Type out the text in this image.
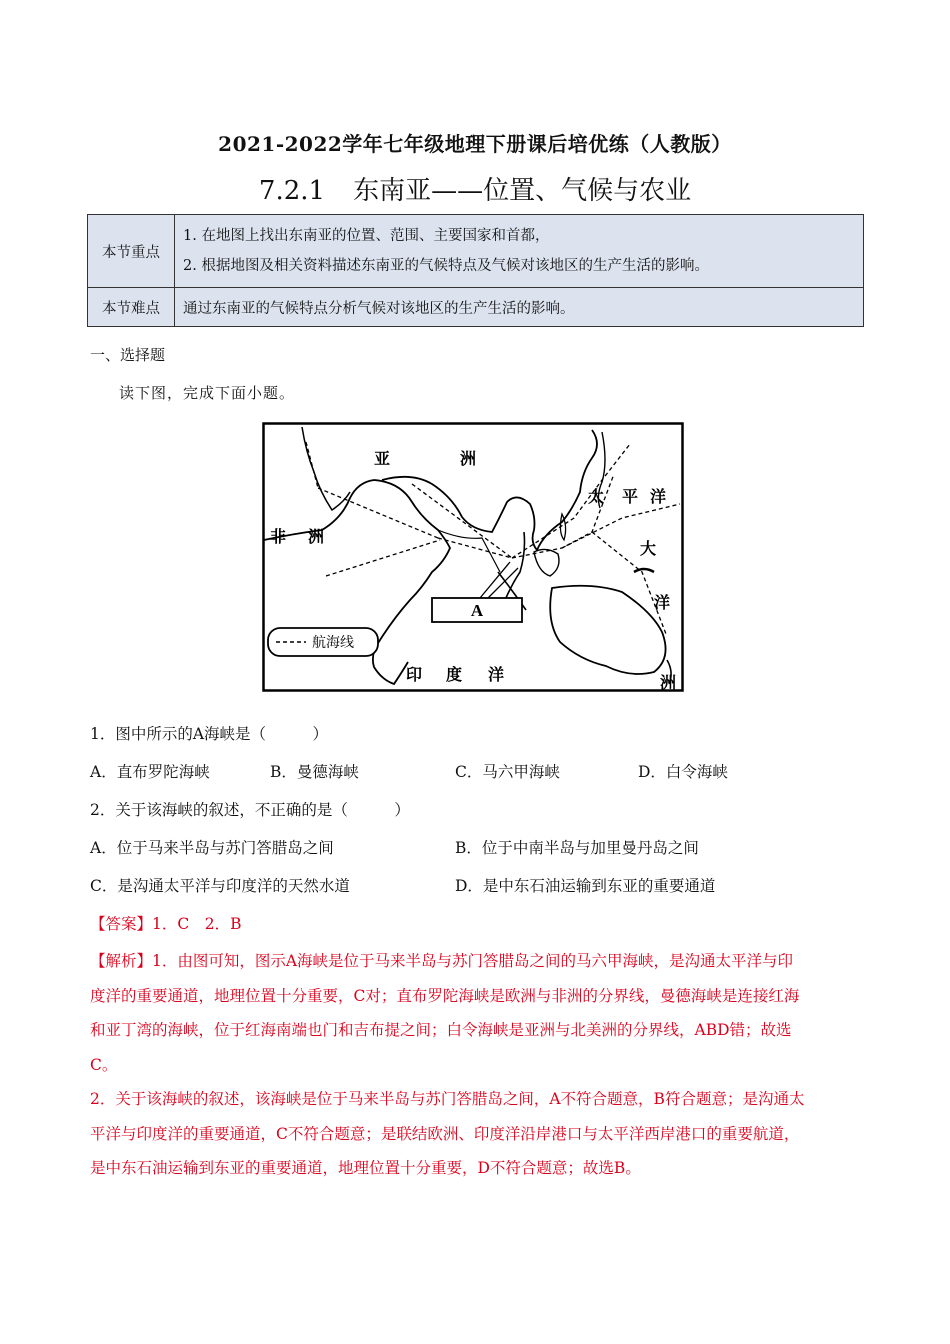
2021-2022学年七年级地理下册课后培优练（人教版）
7.2.1 东南亚——位置、气候与农业
本节重点	1. 在地图上找出东南亚的位置、范围、主要国家和首都，
2. 根据地图及相关资料描述东南亚的气候特点及气候对该地区的生产生活的影响。

本节难点	通过东南亚的气候特点分析气候对该地区的生产生活的影响。
一、选择题
读下图，完成下面小题。
A
亚	洲
非 洲
太 平 洋
大
洋
洲
印 度 洋
航海线
1．图中所示的A海峡是（　　　）
A．直布罗陀海峡	B．曼德海峡	C．马六甲海峡	D．白令海峡
2．关于该海峡的叙述，不正确的是（　　　）
A．位于马来半岛与苏门答腊岛之间	B．位于中南半岛与加里曼丹岛之间
C．是沟通太平洋与印度洋的天然水道	D．是中东石油运输到东亚的重要通道
【答案】1．C　2．B
【解析】1．由图可知，图示A海峡是位于马来半岛与苏门答腊岛之间的马六甲海峡，是沟通太平洋与印
度洋的重要通道，地理位置十分重要，C对；直布罗陀海峡是欧洲与非洲的分界线，曼德海峡是连接红海
和亚丁湾的海峡，位于红海南端也门和吉布提之间；白令海峡是亚洲与北美洲的分界线，ABD错；故选
C。
2．关于该海峡的叙述，该海峡是位于马来半岛与苏门答腊岛之间，A不符合题意，B符合题意；是沟通太
平洋与印度洋的重要通道，C不符合题意；是联结欧洲、印度洋沿岸港口与太平洋西岸港口的重要航道，
是中东石油运输到东亚的重要通道，地理位置十分重要，D不符合题意；故选B。
